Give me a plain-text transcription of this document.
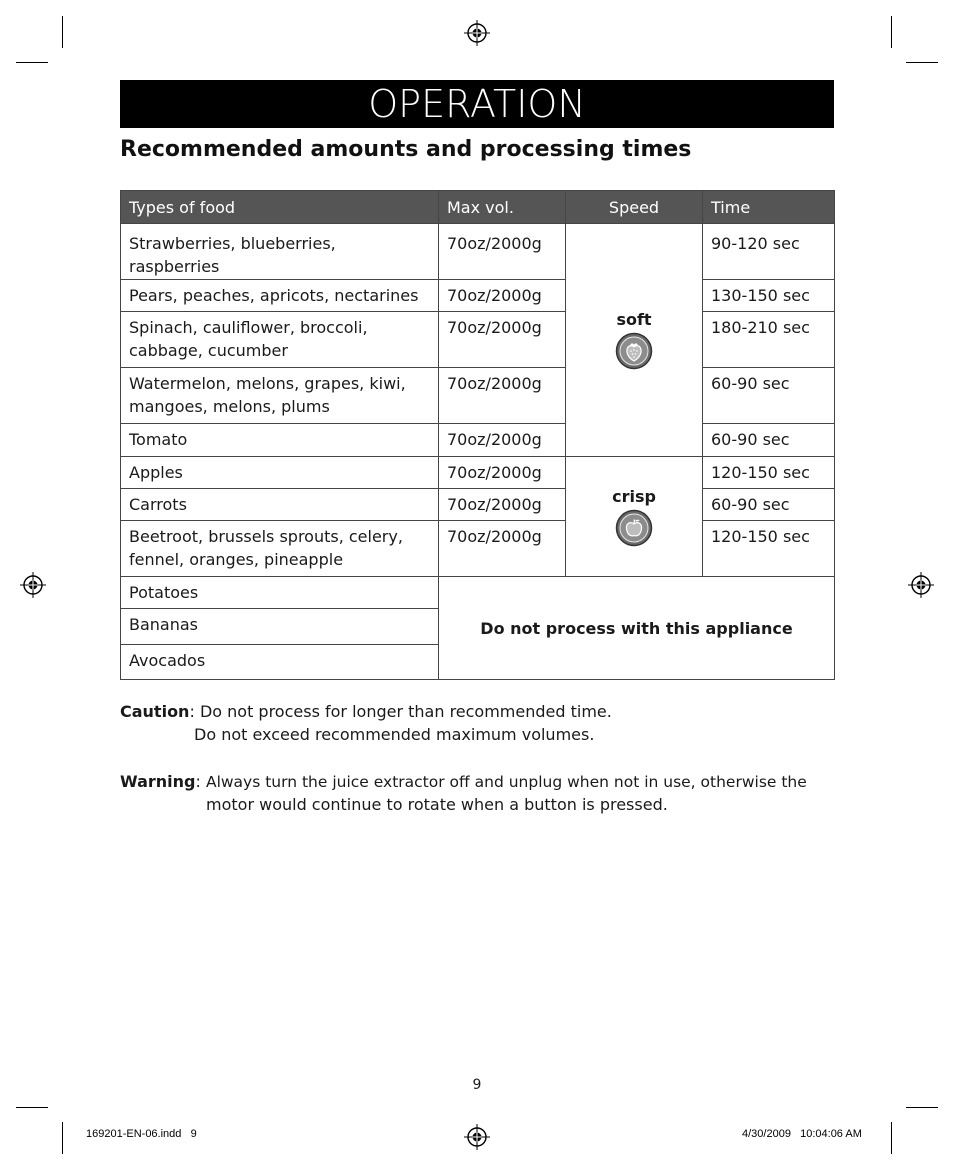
OPERATION
Recommended amounts and processing times
Types of food	Max vol.	Speed	Time
Strawberries, blueberries, raspberries	70oz/2000g	soft	90-120 sec
Pears, peaches, apricots, nectarines	70oz/2000g		130-150 sec
Spinach, cauliflower, broccoli, cabbage, cucumber	70oz/2000g		180-210 sec
Watermelon, melons, grapes, kiwi, mangoes, melons, plums	70oz/2000g		60-90 sec
Tomato	70oz/2000g		60-90 sec
Apples	70oz/2000g	crisp	120-150 sec
Carrots	70oz/2000g		60-90 sec
Beetroot, brussels sprouts, celery, fennel, oranges, pineapple	70oz/2000g		120-150 sec
Potatoes	Do not process with this appliance		
Bananas			
Avocados			
Caution: Do not process for longer than recommended time.
Do not exceed recommended maximum volumes.
Warning: Always turn the juice extractor off and unplug when not in use, otherwise the
motor would continue to rotate when a button is pressed.
9
169201-EN-06.indd   9	4/30/2009   10:04:06 AM
